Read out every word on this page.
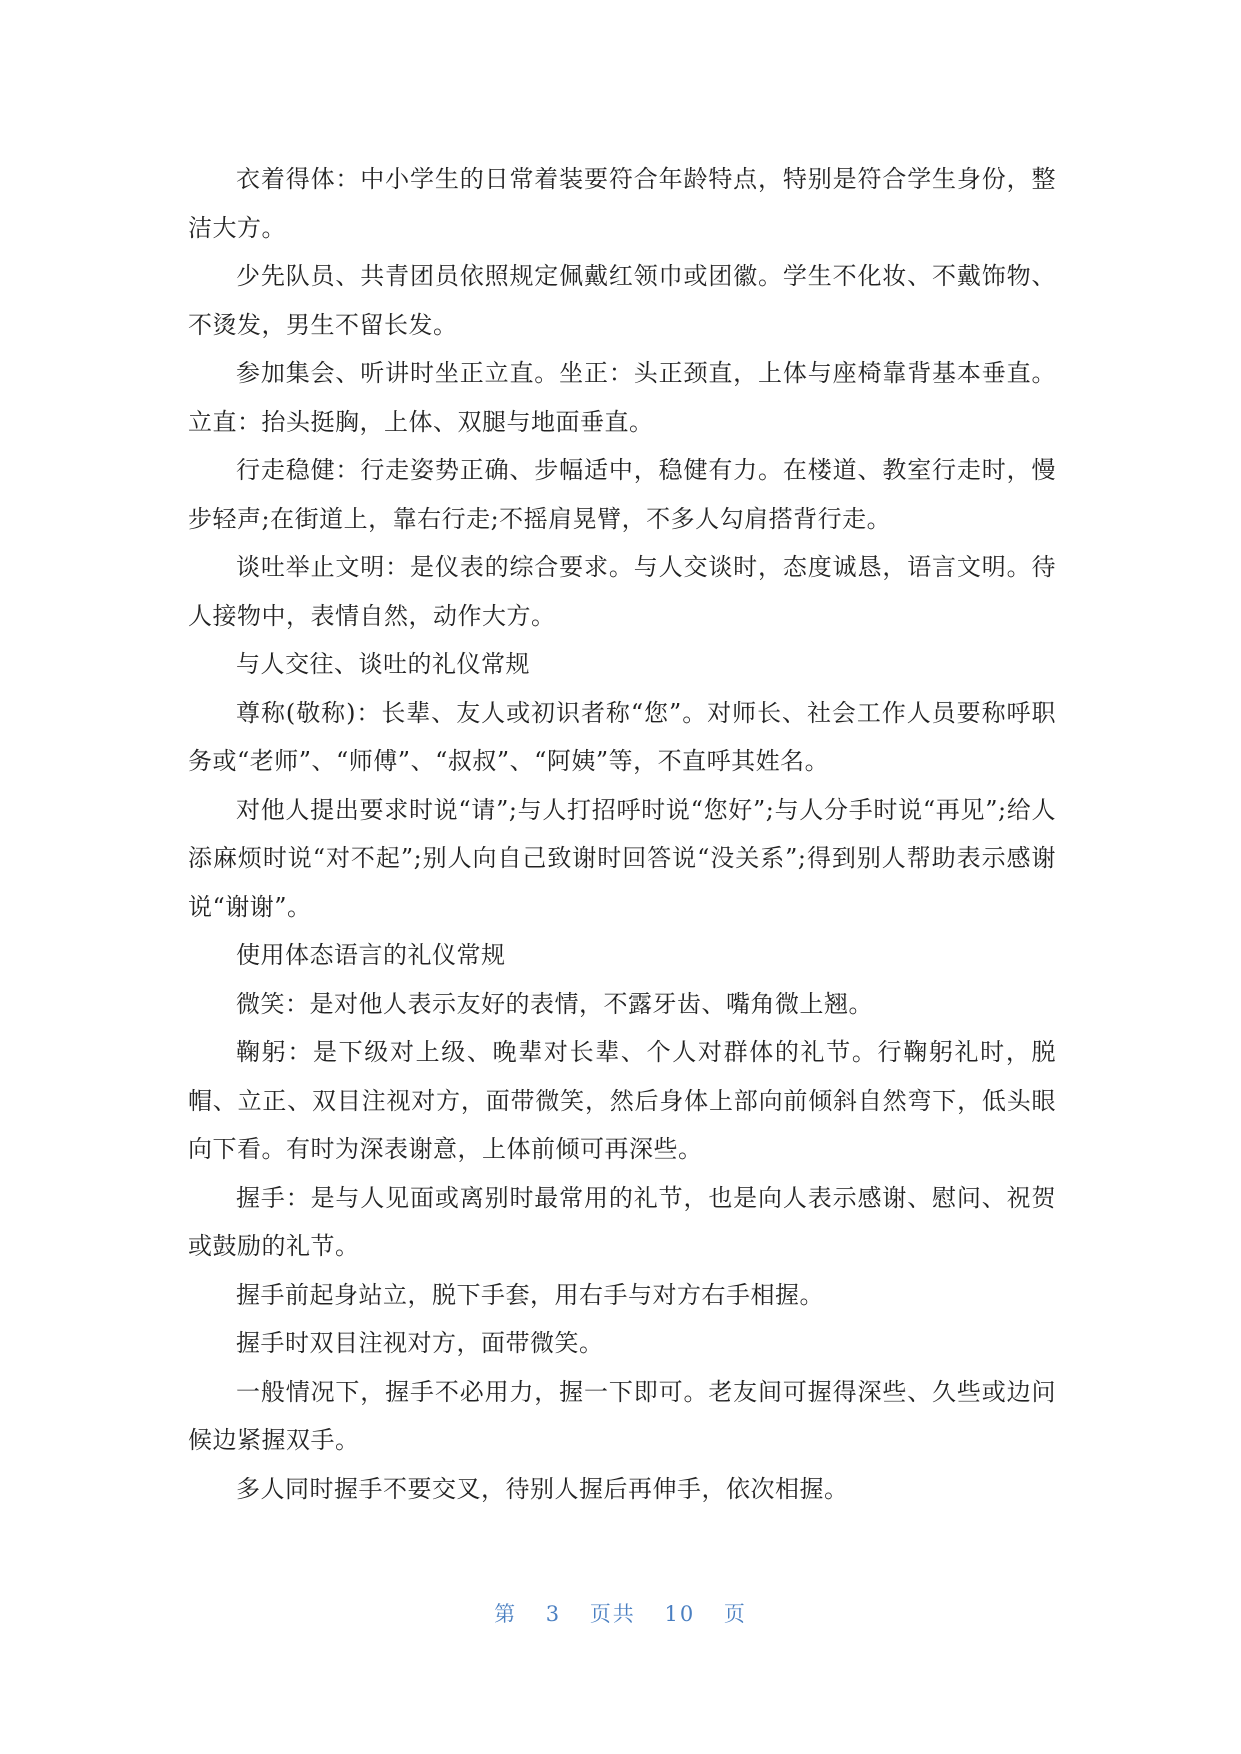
衣着得体：中小学生的日常着装要符合年龄特点，特别是符合学生身份，整洁大方。

少先队员、共青团员依照规定佩戴红领巾或团徽。学生不化妆、不戴饰物、不烫发，男生不留长发。

参加集会、听讲时坐正立直。坐正：头正颈直，上体与座椅靠背基本垂直。立直：抬头挺胸，上体、双腿与地面垂直。

行走稳健：行走姿势正确、步幅适中，稳健有力。在楼道、教室行走时，慢步轻声;在街道上，靠右行走;不摇肩晃臂，不多人勾肩搭背行走。

谈吐举止文明：是仪表的综合要求。与人交谈时，态度诚恳，语言文明。待人接物中，表情自然，动作大方。

与人交往、谈吐的礼仪常规

尊称(敬称)：长辈、友人或初识者称“您”。对师长、社会工作人员要称呼职务或“老师”、“师傅”、“叔叔”、“阿姨”等，不直呼其姓名。

对他人提出要求时说“请”;与人打招呼时说“您好”;与人分手时说“再见”;给人添麻烦时说“对不起”;别人向自己致谢时回答说“没关系”;得到别人帮助表示感谢说“谢谢”。

使用体态语言的礼仪常规

微笑：是对他人表示友好的表情，不露牙齿、嘴角微上翘。

鞠躬：是下级对上级、晚辈对长辈、个人对群体的礼节。行鞠躬礼时，脱帽、立正、双目注视对方，面带微笑，然后身体上部向前倾斜自然弯下，低头眼向下看。有时为深表谢意，上体前倾可再深些。

握手：是与人见面或离别时最常用的礼节，也是向人表示感谢、慰问、祝贺或鼓励的礼节。

握手前起身站立，脱下手套，用右手与对方右手相握。

握手时双目注视对方，面带微笑。

一般情况下，握手不必用力，握一下即可。老友间可握得深些、久些或边问候边紧握双手。

多人同时握手不要交叉，待别人握后再伸手，依次相握。

第 3 页共 10 页
